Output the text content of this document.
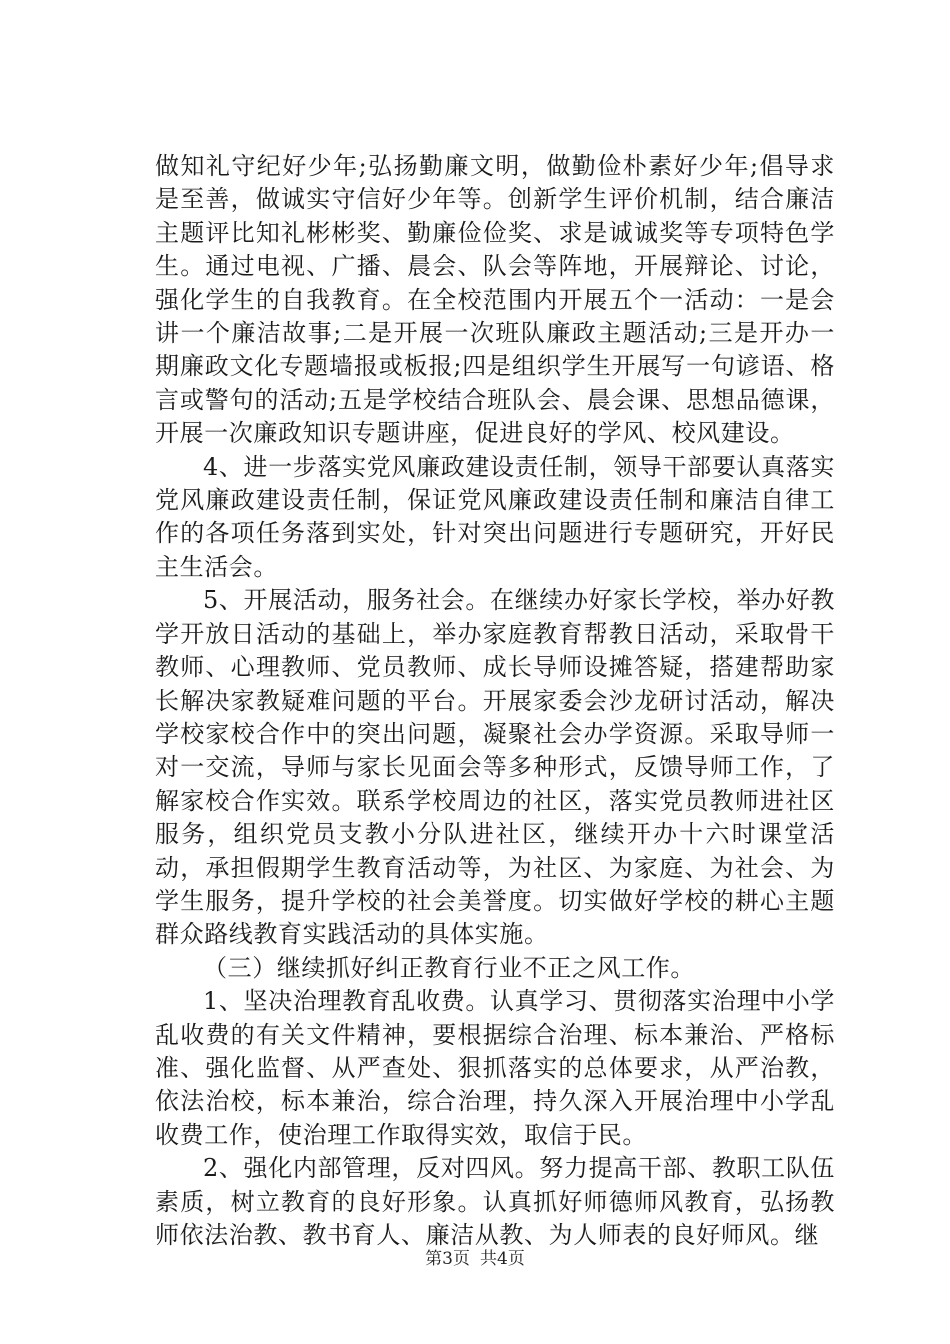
做知礼守纪好少年;弘扬勤廉文明，做勤俭朴素好少年;倡导求是至善，做诚实守信好少年等。创新学生评价机制，结合廉洁主题评比知礼彬彬奖、勤廉俭俭奖、求是诚诚奖等专项特色学生。通过电视、广播、晨会、队会等阵地，开展辩论、讨论，强化学生的自我教育。在全校范围内开展五个一活动：一是会讲一个廉洁故事;二是开展一次班队廉政主题活动;三是开办一期廉政文化专题墙报或板报;四是组织学生开展写一句谚语、格言或警句的活动;五是学校结合班队会、晨会课、思想品德课，开展一次廉政知识专题讲座，促进良好的学风、校风建设。

4、进一步落实党风廉政建设责任制，领导干部要认真落实党风廉政建设责任制，保证党风廉政建设责任制和廉洁自律工作的各项任务落到实处，针对突出问题进行专题研究，开好民主生活会。

5、开展活动，服务社会。在继续办好家长学校，举办好教学开放日活动的基础上，举办家庭教育帮教日活动，采取骨干教师、心理教师、党员教师、成长导师设摊答疑，搭建帮助家长解决家教疑难问题的平台。开展家委会沙龙研讨活动，解决学校家校合作中的突出问题，凝聚社会办学资源。采取导师一对一交流，导师与家长见面会等多种形式，反馈导师工作，了解家校合作实效。联系学校周边的社区，落实党员教师进社区服务，组织党员支教小分队进社区，继续开办十六时课堂活动，承担假期学生教育活动等，为社区、为家庭、为社会、为学生服务，提升学校的社会美誉度。切实做好学校的耕心主题群众路线教育实践活动的具体实施。

（三）继续抓好纠正教育行业不正之风工作。

1、坚决治理教育乱收费。认真学习、贯彻落实治理中小学乱收费的有关文件精神，要根据综合治理、标本兼治、严格标准、强化监督、从严查处、狠抓落实的总体要求，从严治教，依法治校，标本兼治，综合治理，持久深入开展治理中小学乱收费工作，使治理工作取得实效，取信于民。

2、强化内部管理，反对四风。努力提高干部、教职工队伍素质，树立教育的良好形象。认真抓好师德师风教育，弘扬教师依法治教、教书育人、廉洁从教、为人师表的良好师风。继

第3页 共4页
